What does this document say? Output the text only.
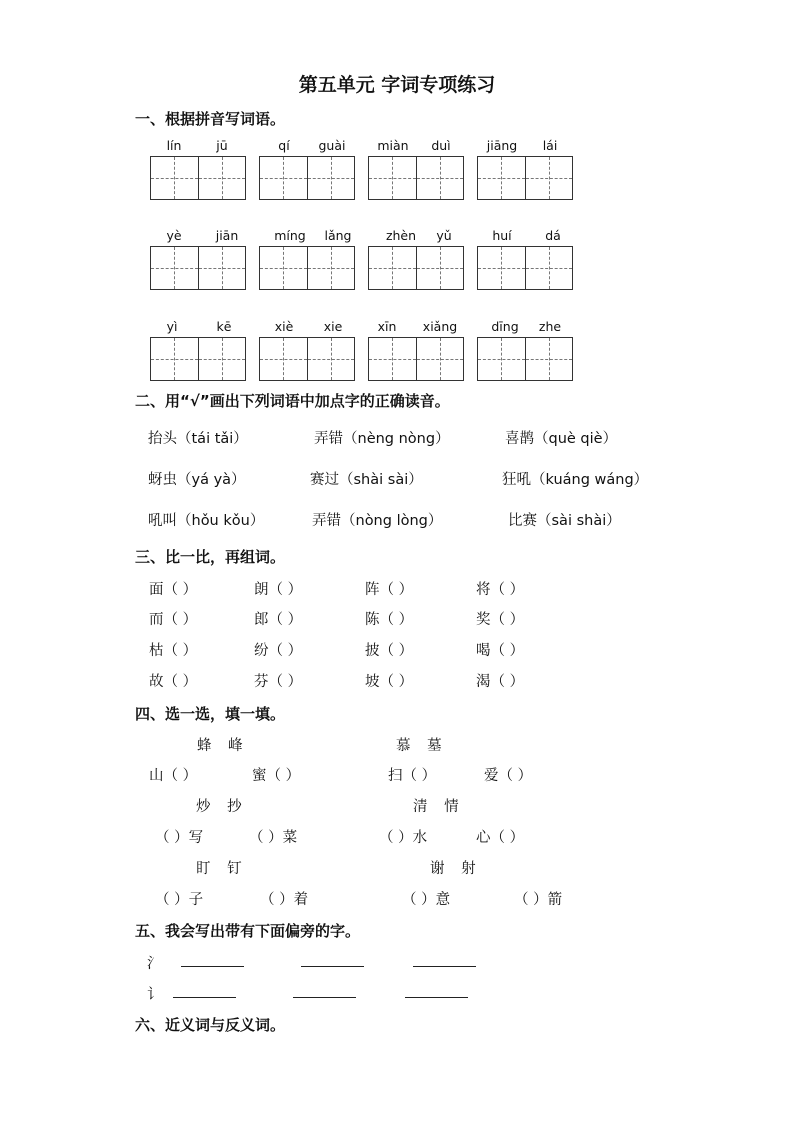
第五单元 字词专项练习
一、根据拼音写词语。
lín	jū	qí	guài	miàn	duì	jiāng	lái
yè	jiān	míng	lǎng	zhèn	yǔ	huí	dá
yì	kē	xiè	xie	xīn	xiǎng	dīng	zhe
二、用“√”画出下列词语中加点字的正确读音。
抬头（tái tǎi）	弄错（nèng nòng）	喜鹊（què qiè）
蚜虫（yá yà）	赛过（shài sài）	狂吼（kuáng wáng）
吼叫（hǒu kǒu）	弄错（nòng lòng）	比赛（sài shài）
三、比一比，再组词。
面（ ）	朗（ ）	阵（ ）	将（ ）
而（ ）	郎（ ）	陈（ ）	奖（ ）
枯（ ）	纷（ ）	披（ ）	喝（ ）
故（ ）	芬（ ）	坡（ ）	渴（ ）
四、选一选，填一填。
蜂 峰	慕 墓
山（ ）	蜜（ ）	扫（ ）	爱（ ）
炒 抄	清 情
（ ）写	（ ）菜	（ ）水	心（ ）
盯 钉	谢 射
（ ）子	（ ）着	（ ）意	（ ）箭
五、我会写出带有下面偏旁的字。
氵
讠
六、近义词与反义词。
